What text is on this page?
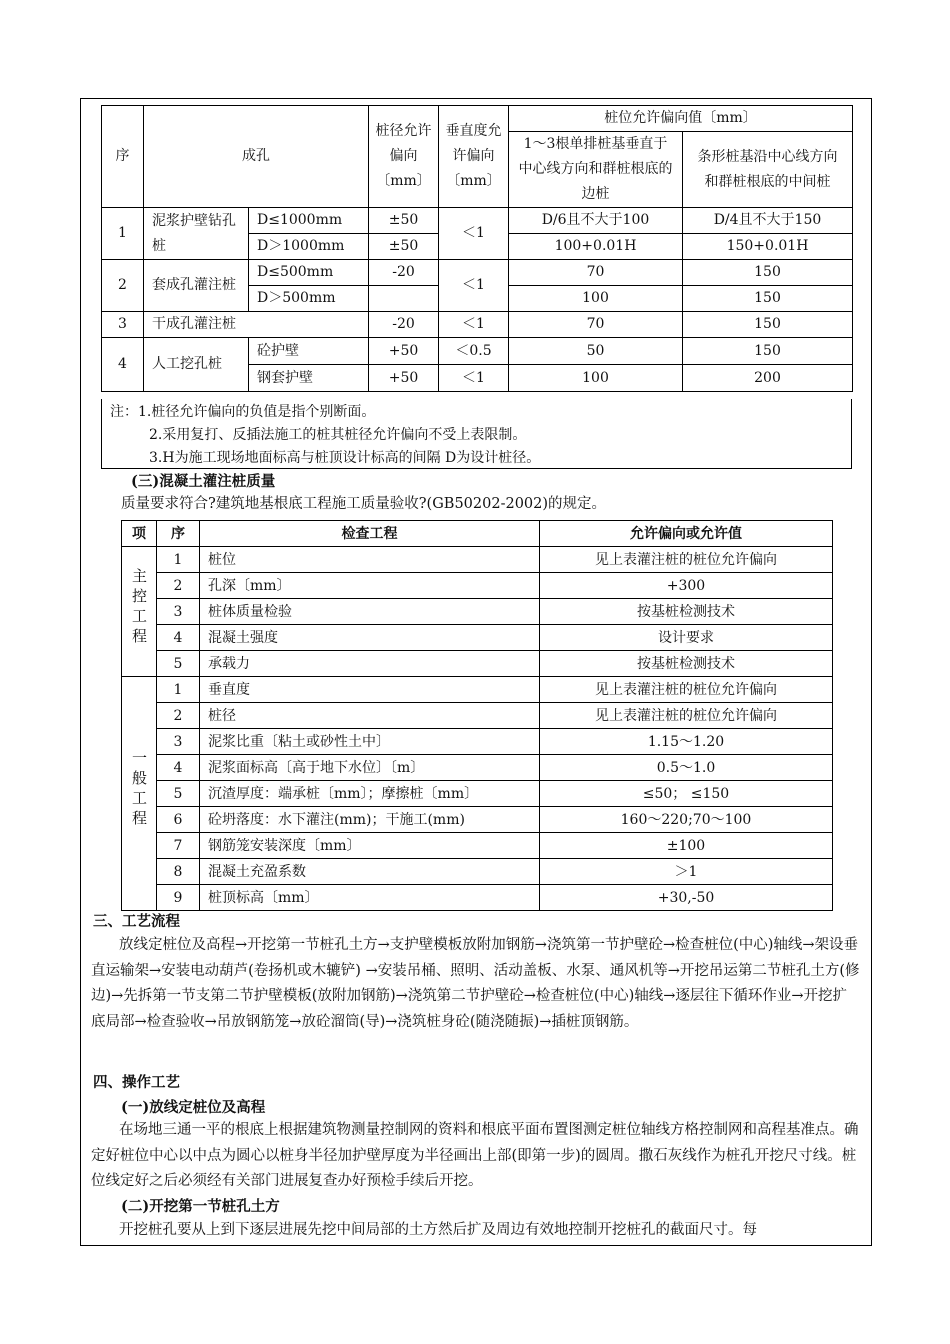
序	成孔		桩径允许偏向〔mm〕	垂直度允许偏向〔mm〕	桩位允许偏向值〔mm〕	
					1～3根单排桩基垂直于中心线方向和群桩根底的边桩	条形桩基沿中心线方向和群桩根底的中间桩

1	泥浆护壁钻孔桩	D≤1000mm	±50	＜1	D/6且不大于100	D/4且不大于150
		D＞1000mm	±50		100+0.01H	150+0.01H
2	套成孔灌注桩	D≤500mm	-20	＜1	70	150
		D＞500mm			100	150
3	干成孔灌注桩		-20	＜1	70	150
4	人工挖孔桩	砼护壁	+50	＜0.5	50	150
		钢套护壁	+50	＜1	100	200
注：1.桩径允许偏向的负值是指个别断面。
2.采用复打、反插法施工的桩其桩径允许偏向不受上表限制。
3.H为施工现场地面标高与桩顶设计标高的间隔 D为设计桩径。
(三)混凝土灌注桩质量
质量要求符合?建筑地基根底工程施工质量验收?(GB50202-2002)的规定。
项	序	检查工程	允许偏向或允许值
主控工程	1	桩位	见上表灌注桩的桩位允许偏向
	2	孔深〔mm〕	+300
	3	桩体质量检验	按基桩检测技术
	4	混凝土强度	设计要求
	5	承载力	按基桩检测技术
一般工程	1	垂直度	见上表灌注桩的桩位允许偏向
	2	桩径	见上表灌注桩的桩位允许偏向
	3	泥浆比重〔粘土或砂性土中〕	1.15～1.20
	4	泥浆面标高〔高于地下水位〕〔m〕	0.5～1.0
	5	沉渣厚度：端承桩〔mm〕；摩擦桩〔mm〕	≤50； ≤150
	6	砼坍落度：水下灌注(mm)；干施工(mm)	160～220;70～100
	7	钢筋笼安装深度〔mm〕	±100
	8	混凝土充盈系数	＞1
	9	桩顶标高〔mm〕	+30,-50
三、工艺流程
放线定桩位及高程→开挖第一节桩孔土方→支护壁模板放附加钢筋→浇筑第一节护壁砼→检查桩位(中心)轴线→架设垂直运输架→安装电动葫芦(卷扬机或木辘铲) →安装吊桶、照明、活动盖板、水泵、通风机等→开挖吊运第二节桩孔土方(修边)→先拆第一节支第二节护壁模板(放附加钢筋)→浇筑第二节护壁砼→检查桩位(中心)轴线→逐层往下循环作业→开挖扩底局部→检查验收→吊放钢筋笼→放砼溜筒(导)→浇筑桩身砼(随浇随振)→插桩顶钢筋。
四、操作工艺
(一)放线定桩位及高程
在场地三通一平的根底上根据建筑物测量控制网的资料和根底平面布置图测定桩位轴线方格控制网和高程基准点。确定好桩位中心以中点为圆心以桩身半径加护壁厚度为半径画出上部(即第一步)的圆周。撒石灰线作为桩孔开挖尺寸线。桩位线定好之后必须经有关部门进展复查办好预检手续后开挖。
(二)开挖第一节桩孔土方
开挖桩孔要从上到下逐层进展先挖中间局部的土方然后扩及周边有效地控制开挖桩孔的截面尺寸。每
